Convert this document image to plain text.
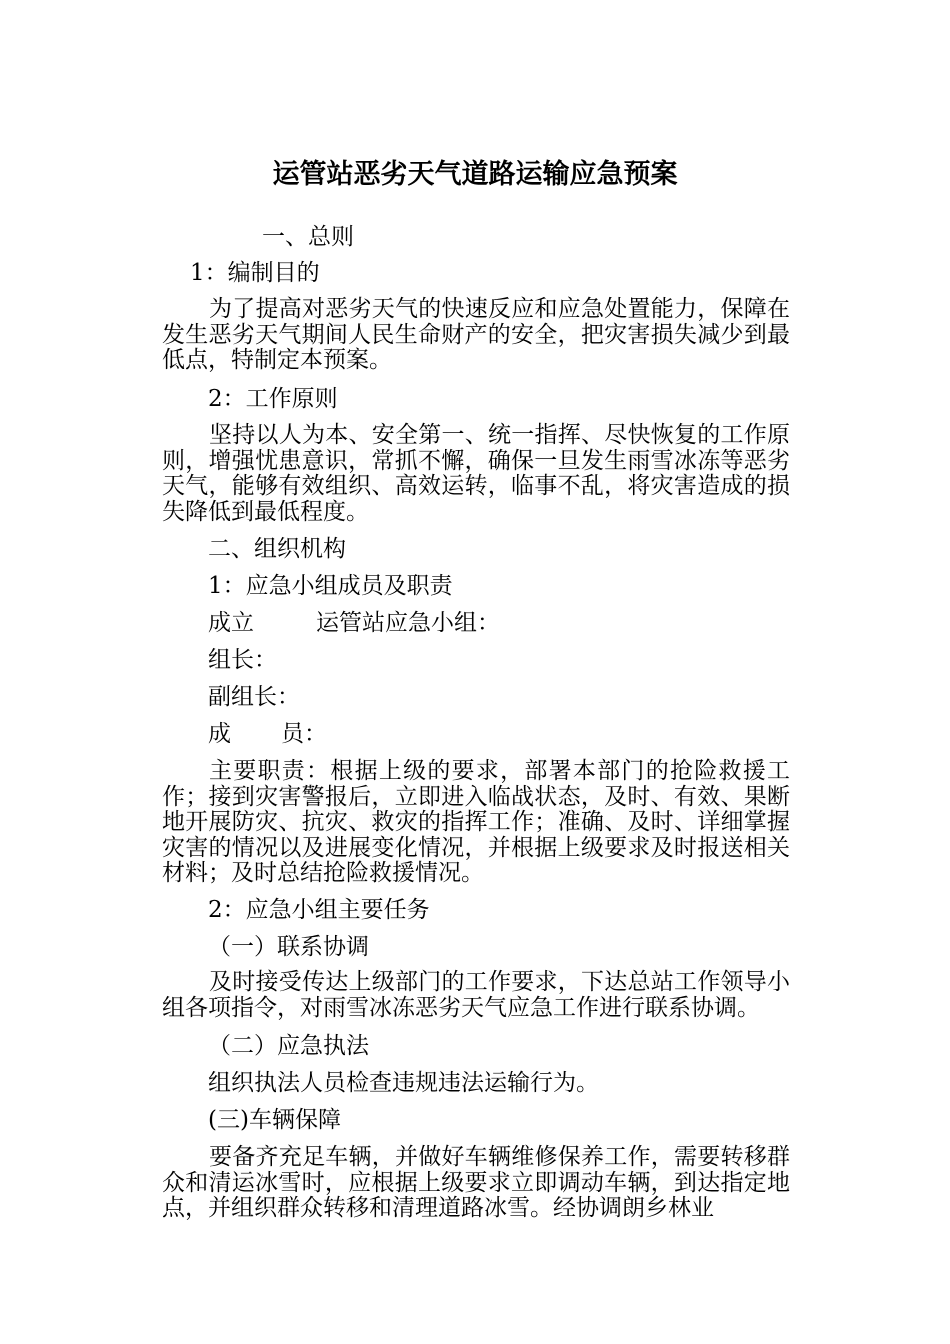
运管站恶劣天气道路运输应急预案

一、总则

1：编制目的

为了提高对恶劣天气的快速反应和应急处置能力，保障在发生恶劣天气期间人民生命财产的安全，把灾害损失减少到最低点，特制定本预案。

2：工作原则

坚持以人为本、安全第一、统一指挥、尽快恢复的工作原则，增强忧患意识，常抓不懈，确保一旦发生雨雪冰冻等恶劣天气，能够有效组织、高效运转，临事不乱，将灾害造成的损失降低到最低程度。

二、组织机构

1：应急小组成员及职责

成立	运管站应急小组：

组长：

副组长：

成 员：

主要职责：根据上级的要求，部署本部门的抢险救援工作；接到灾害警报后，立即进入临战状态，及时、有效、果断地开展防灾、抗灾、救灾的指挥工作；准确、及时、详细掌握灾害的情况以及进展变化情况，并根据上级要求及时报送相关材料；及时总结抢险救援情况。

2：应急小组主要任务

（一）联系协调

及时接受传达上级部门的工作要求，下达总站工作领导小组各项指令，对雨雪冰冻恶劣天气应急工作进行联系协调。

（二）应急执法

组织执法人员检查违规违法运输行为。

(三)车辆保障

要备齐充足车辆，并做好车辆维修保养工作，需要转移群众和清运冰雪时，应根据上级要求立即调动车辆，到达指定地点，并组织群众转移和清理道路冰雪。经协调朗乡林业
